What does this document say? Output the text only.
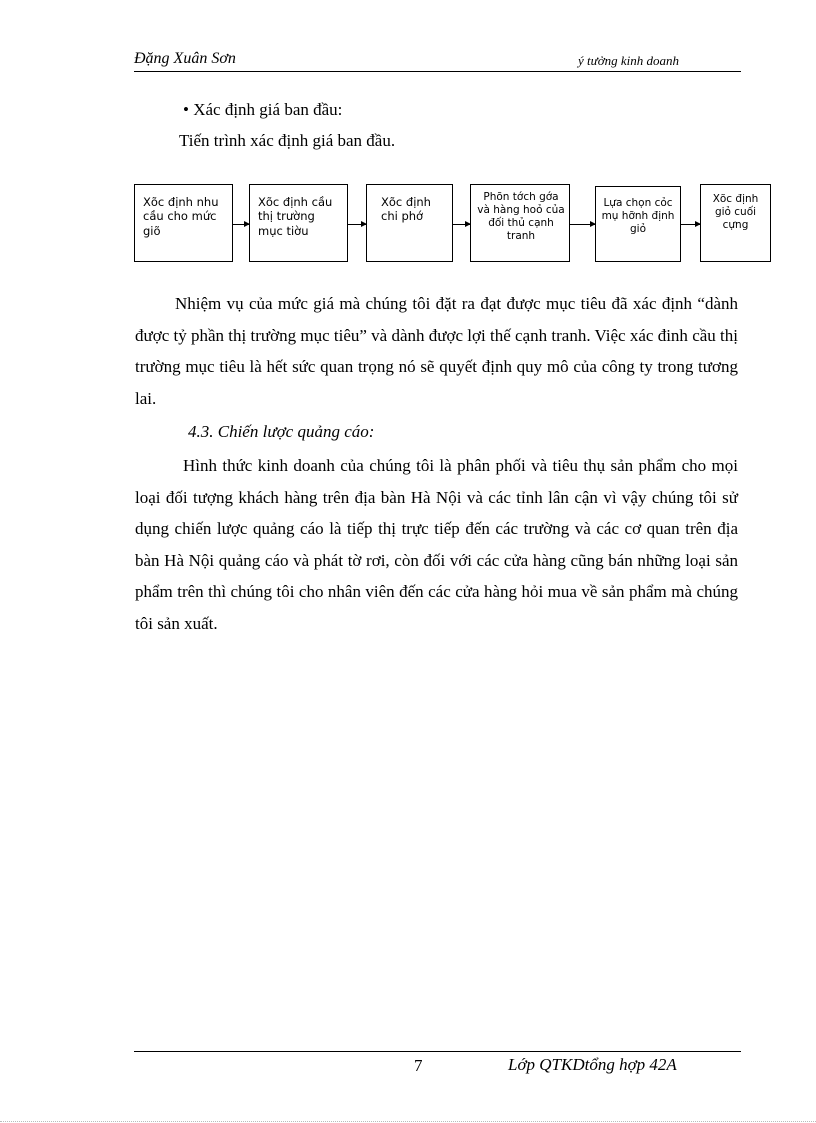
Đặng Xuân Sơn	ý tưởng kinh doanh
• Xác định giá ban đầu:
Tiến trình xác định giá ban đầu.
Xõc định nhu cầu cho mức giõ
Xõc định cầu thị trường mục tiờu
Xõc định chi phớ
Phõn tớch gớa và hàng hoỏ của đối thủ cạnh tranh
Lựa chọn cỏc mụ hỡnh định giỏ
Xõc định giỏ cuối cựng

Nhiệm vụ của mức giá mà chúng tôi đặt ra đạt được mục tiêu đã xác định “dành được tỷ phần thị trường mục tiêu” và dành được lợi thế cạnh tranh. Việc xác đinh cầu thị trường mục tiêu là hết sức quan trọng nó sẽ quyết định quy mô của công ty trong tương lai.

4.3. Chiến lược quảng cáo:

Hình thức kinh doanh của chúng tôi là phân phối và tiêu thụ sản phẩm cho mọi loại đối tượng khách hàng trên địa bàn Hà Nội và các tỉnh lân cận vì vậy chúng tôi sử dụng chiến lược quảng cáo là tiếp thị trực tiếp đến các trường và các cơ quan trên địa bàn Hà Nội quảng cáo và phát tờ rơi, còn đối với các cửa hàng cũng bán những loại sản phẩm trên thì chúng tôi cho nhân viên đến các cửa hàng hỏi mua về sản phẩm mà chúng tôi sản xuất.

7	Lớp QTKDtổng hợp 42A
